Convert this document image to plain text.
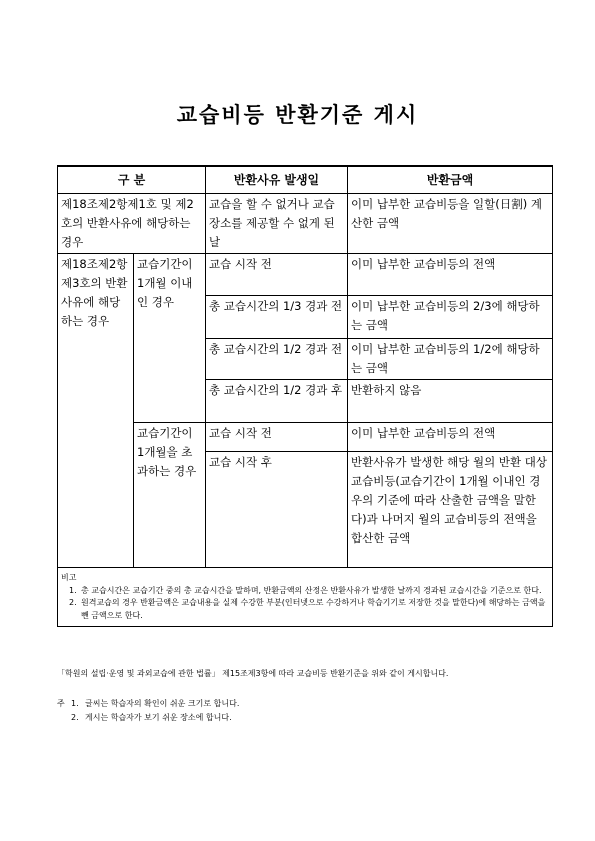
교습비등 반환기준 게시
구 분		반환사유 발생일	반환금액
제18조제2항제1호 및 제2호의 반환사유에 해당하는 경우		교습을 할 수 없거나 교습 장소를 제공할 수 없게 된 날	이미 납부한 교습비등을 일할(日割) 계산한 금액
제18조제2항 제3호의 반환 사유에 해당하는 경우	교습기간이 1개월 이내인 경우	교습 시작 전	이미 납부한 교습비등의 전액
		총 교습시간의 1/3 경과 전	이미 납부한 교습비등의 2/3에 해당하는 금액
		총 교습시간의 1/2 경과 전	이미 납부한 교습비등의 1/2에 해당하는 금액
		총 교습시간의 1/2 경과 후	반환하지 않음
	교습기간이 1개월을 초과하는 경우	교습 시작 전	이미 납부한 교습비등의 전액
		교습 시작 후	반환사유가 발생한 해당 월의 반환 대상 교습비등(교습기간이 1개월 이내인 경우의 기준에 따라 산출한 금액을 말한다)과 나머지 월의 교습비등의 전액을 합산한 금액

비고
1. 총 교습시간은 교습기간 중의 총 교습시간을 말하며, 반환금액의 산정은 반환사유가 발생한 날까지 경과된 교습시간을 기준으로 한다.
2. 원격교습의 경우 반환금액은 교습내용을 실제 수강한 부분(인터넷으로 수강하거나 학습기기로 저장한 것을 말한다)에 해당하는 금액을 뺀 금액으로 한다.			
「학원의 설립·운영 및 과외교습에 관한 법률」 제15조제3항에 따라 교습비등 반환기준을 위와 같이 게시합니다.
주 1. 글씨는 학습자의 확인이 쉬운 크기로 합니다.
2. 게시는 학습자가 보기 쉬운 장소에 합니다.
